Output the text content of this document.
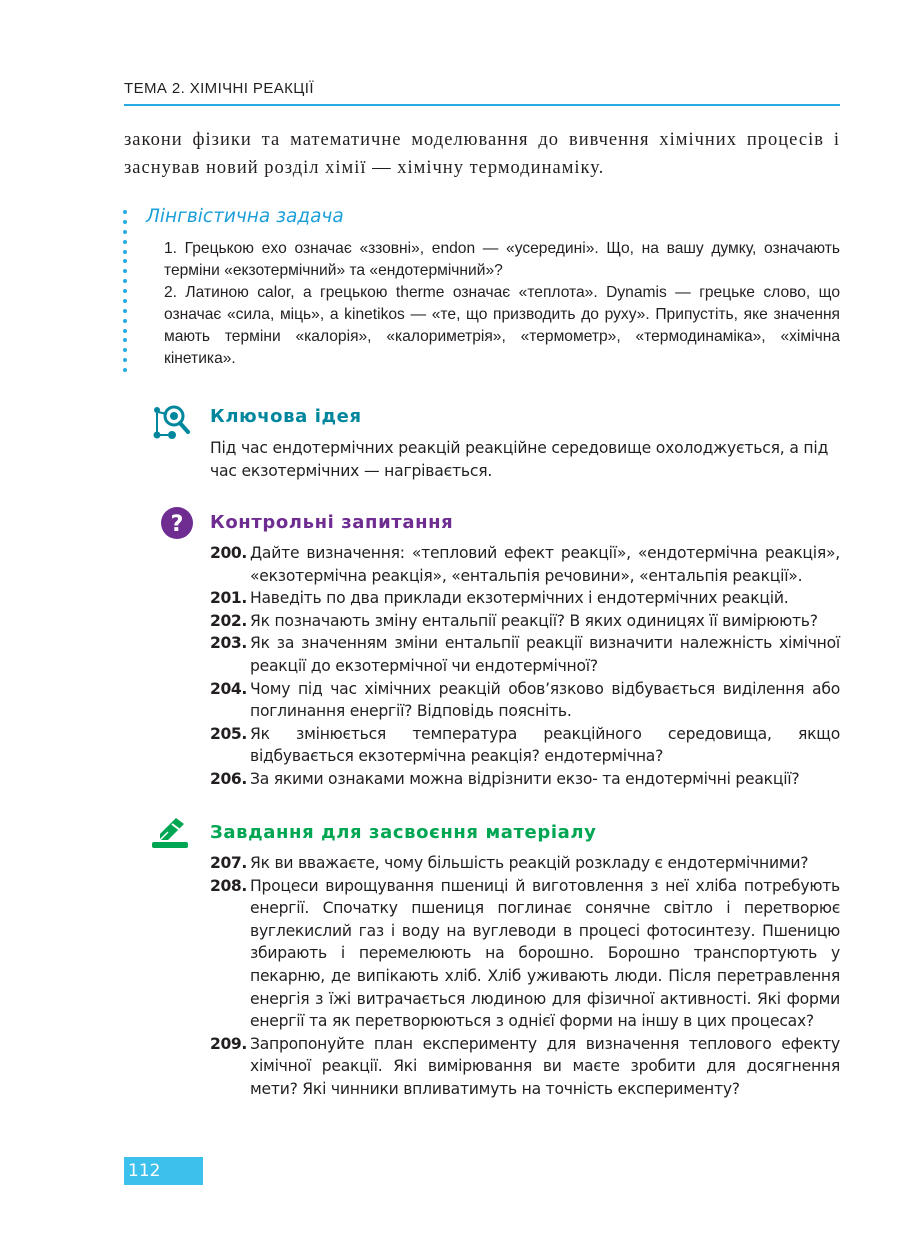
ТЕМА 2. ХІМІЧНІ РЕАКЦІЇ
закони фізики та математичне моделювання до вивчення хімічних процесів і заснував новий розділ хімії — хімічну термодинаміку.
Лінгвістична задача

1. Грецькою exo означає «ззовні», endon — «усередині». Що, на вашу думку, означають терміни «екзотермічний» та «ендотермічний»?

2. Латиною calor, а грецькою therme означає «теплота». Dynamis — грецьке слово, що означає «сила, міць», а kinetikos — «те, що призводить до руху». Припустіть, яке значення мають терміни «калорія», «калориметрія», «термометр», «термодинаміка», «хімічна кінетика».

Ключова ідея
Під час ендотермічних реакцій реакційне середовище охолоджується, а під час екзотермічних — нагрівається.
? Контрольні запитання
200. Дайте визначення: «тепловий ефект реакції», «ендотермічна реакція», «екзотермічна реакція», «ентальпія речовини», «ентальпія реакції».
201. Наведіть по два приклади екзотермічних і ендотермічних реакцій.
202. Як позначають зміну ентальпії реакції? В яких одиницях її вимірюють?
203. Як за значенням зміни ентальпії реакції визначити належність хімічної реакції до екзотермічної чи ендотермічної?
204. Чому під час хімічних реакцій обов’язково відбувається виділення або поглинання енергії? Відповідь поясніть.
205. Як змінюється температура реакційного середовища, якщо відбувається екзотермічна реакція? ендотермічна?
206. За якими ознаками можна відрізнити екзо- та ендотермічні реакції?
Завдання для засвоєння матеріалу
207. Як ви вважаєте, чому більшість реакцій розкладу є ендотермічними?
208. Процеси вирощування пшениці й виготовлення з неї хліба потребують енергії. Спочатку пшениця поглинає сонячне світло і перетворює вуглекислий газ і воду на вуглеводи в процесі фотосинтезу. Пшеницю збирають і перемелюють на борошно. Борошно транспортують у пекарню, де випікають хліб. Хліб уживають люди. Після перетравлення енергія з їжі витрачається людиною для фізичної активності. Які форми енергії та як перетворюються з однієї форми на іншу в цих процесах?
209. Запропонуйте план експерименту для визначення теплового ефекту хімічної реакції. Які вимірювання ви маєте зробити для досягнення мети? Які чинники впливатимуть на точність експерименту?
112
